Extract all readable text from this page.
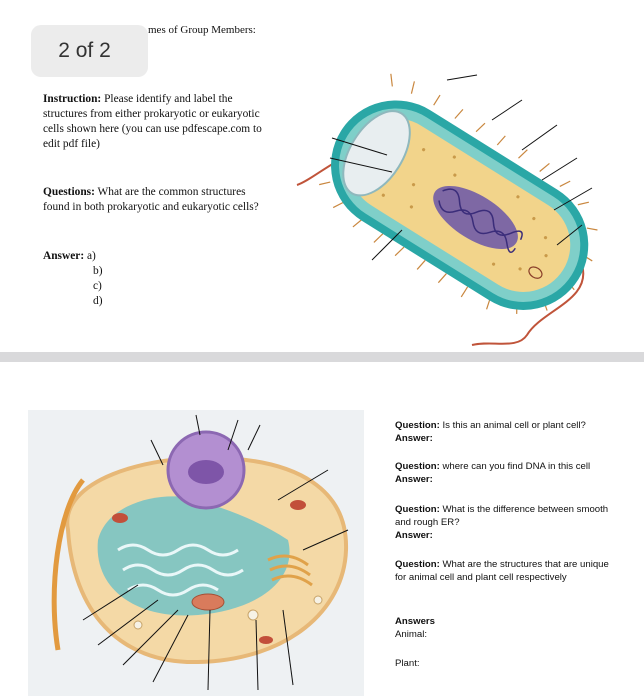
mes of Group Members:
2 of 2
Instruction: Please identify and label the structures from either prokaryotic or eukaryotic cells shown here (you can use pdfescape.com to edit pdf file)
Questions: What are the common structures found in both prokaryotic and eukaryotic cells?
Answer: a)
b)
c)
d)
Question: Is this an animal cell or plant cell?
Answer:
Question: where can you find DNA in this cell
Answer:
Question: What is the difference between smooth and rough ER?
Answer:
Question: What are the structures that are unique for animal cell and plant cell respectively
Answers
Animal:
Plant:
